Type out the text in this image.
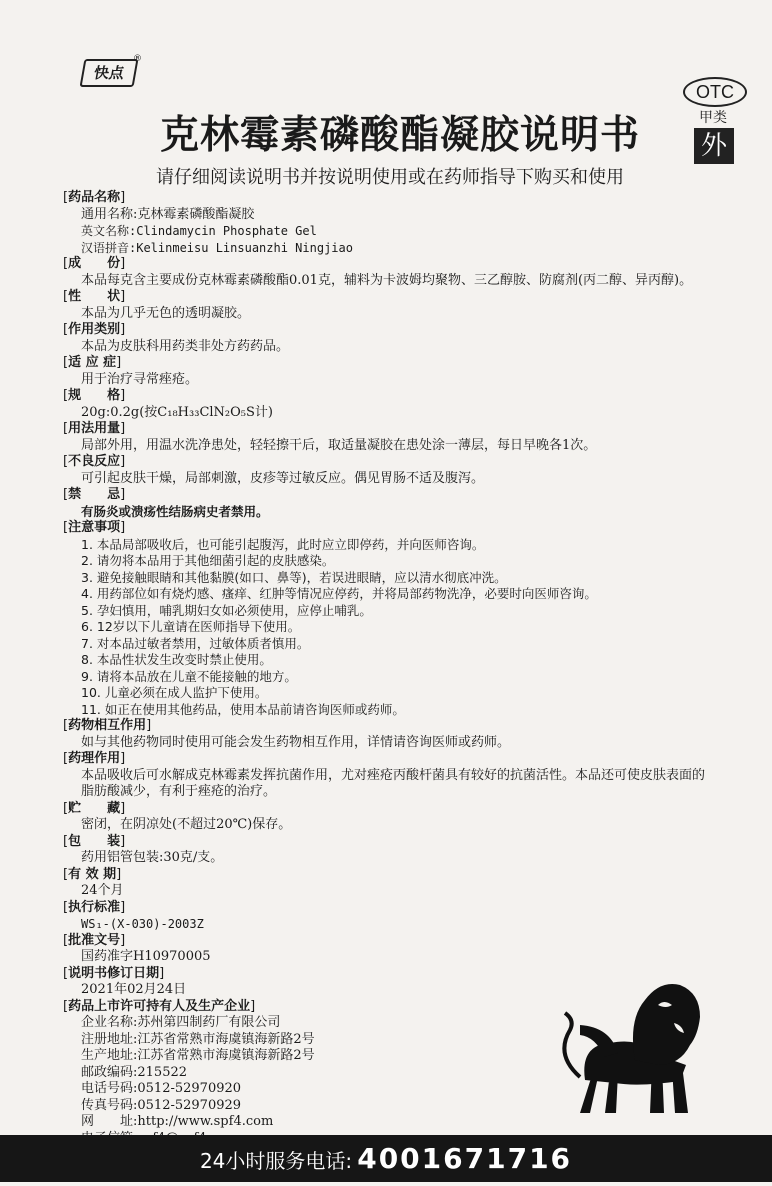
快点
®
OTC
甲类
外
克林霉素磷酸酯凝胶说明书
请仔细阅读说明书并按说明使用或在药师指导下购买和使用
[ 药品名称 ]
通用名称:克林霉素磷酸酯凝胶
英文名称:Clindamycin Phosphate Gel
汉语拼音:Kelinmeisu Linsuanzhi Ningjiao
[ 成　　份 ]
本品每克含主要成份克林霉素磷酸酯0.01克，辅料为卡波姆均聚物、三乙醇胺、防腐剂(丙二醇、异丙醇)。
[ 性　　状 ]
本品为几乎无色的透明凝胶。
[ 作用类别 ]
本品为皮肤科用药类非处方药药品。
[ 适 应 症 ]
用于治疗寻常痤疮。
[ 规　　格 ]
20g:0.2g(按C₁₈H₃₃ClN₂O₅S计)
[ 用法用量 ]
局部外用，用温水洗净患处，轻轻擦干后，取适量凝胶在患处涂一薄层，每日早晚各1次。
[ 不良反应 ]
可引起皮肤干燥，局部刺激，皮疹等过敏反应。偶见胃肠不适及腹泻。
[ 禁　　忌 ]
有肠炎或溃疡性结肠病史者禁用。
[ 注意事项 ]
1. 本品局部吸收后，也可能引起腹泻，此时应立即停药，并向医师咨询。
2. 请勿将本品用于其他细菌引起的皮肤感染。
3. 避免接触眼睛和其他黏膜(如口、鼻等)，若误进眼睛，应以清水彻底冲洗。
4. 用药部位如有烧灼感、瘙痒、红肿等情况应停药，并将局部药物洗净，必要时向医师咨询。
5. 孕妇慎用，哺乳期妇女如必须使用，应停止哺乳。
6. 12岁以下儿童请在医师指导下使用。
7. 对本品过敏者禁用，过敏体质者慎用。
8. 本品性状发生改变时禁止使用。
9. 请将本品放在儿童不能接触的地方。
10. 儿童必须在成人监护下使用。
11. 如正在使用其他药品，使用本品前请咨询医师或药师。
[ 药物相互作用 ]
如与其他药物同时使用可能会发生药物相互作用，详情请咨询医师或药师。
[ 药理作用 ]
本品吸收后可水解成克林霉素发挥抗菌作用，尤对痤疮丙酸杆菌具有较好的抗菌活性。本品还可使皮肤表面的脂肪酸减少，有利于痤疮的治疗。
[ 贮　　藏 ]
密闭，在阴凉处(不超过20℃)保存。
[ 包　　装 ]
药用铝管包装:30克/支。
[ 有 效 期 ]
24个月
[ 执行标准 ]
WS₁-(X-030)-2003Z
[ 批准文号 ]
国药准字H10970005
[ 说明书修订日期 ]
2021年02月24日
[ 药品上市许可持有人及生产企业 ]
企业名称:苏州第四制药厂有限公司
注册地址:江苏省常熟市海虞镇海新路2号
生产地址:江苏省常熟市海虞镇海新路2号
邮政编码:215522
电话号码:0512-52970920
传真号码:0512-52970929
网　　址:http://www.spf4.com
24小时服务电话: 4001671716
